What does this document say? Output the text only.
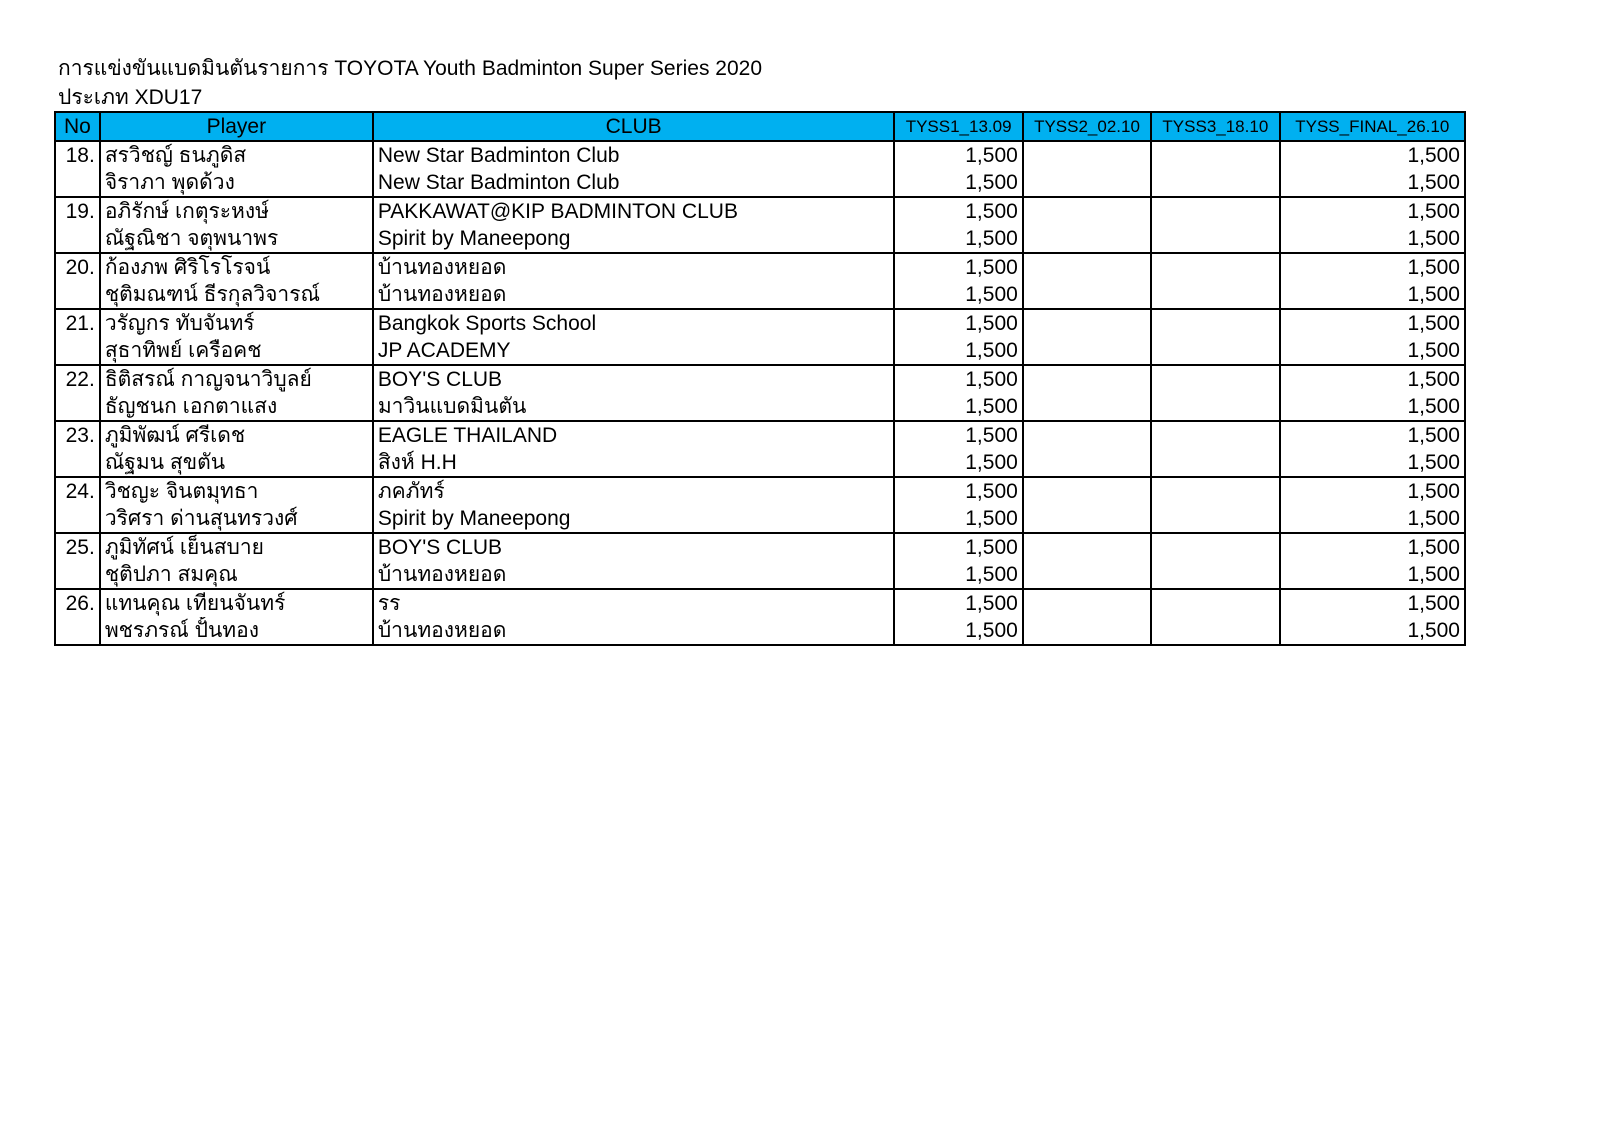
การแข่งขันแบดมินตันรายการ TOYOTA Youth Badminton Super Series 2020
ประเภท XDU17
No	Player	CLUB	TYSS1_13.09	TYSS2_02.10	TYSS3_18.10	TYSS_FINAL_26.10
18.	สรวิชญ์ ธนภูดิส	New Star Badminton Club	1,500			1,500
	จิราภา พุดด้วง	New Star Badminton Club	1,500			1,500
19.	อภิรักษ์ เกตุระหงษ์	PAKKAWAT@KIP BADMINTON CLUB	1,500			1,500
	ณัฐณิชา จตุพนาพร	Spirit by Maneepong	1,500			1,500
20.	ก้องภพ ศิริโรโรจน์	บ้านทองหยอด	1,500			1,500
	ชุติมณฑน์ ธีรกุลวิจารณ์	บ้านทองหยอด	1,500			1,500
21.	วรัญกร ทับจันทร์	Bangkok Sports School	1,500			1,500
	สุธาทิพย์ เครือคช	JP ACADEMY	1,500			1,500
22.	ธิติสรณ์ กาญจนาวิบูลย์	BOY'S CLUB	1,500			1,500
	ธัญชนก เอกตาแสง	มาวินแบดมินตัน	1,500			1,500
23.	ภูมิพัฒน์ ศรีเดช	EAGLE THAILAND	1,500			1,500
	ณัฐมน สุขตัน	สิงห์ H.H	1,500			1,500
24.	วิชญะ จินตมุทธา	ภคภัทร์	1,500			1,500
	วริศรา ด่านสุนทรวงศ์	Spirit by Maneepong	1,500			1,500
25.	ภูมิทัศน์ เย็นสบาย	BOY'S CLUB	1,500			1,500
	ชุติปภา สมคุณ	บ้านทองหยอด	1,500			1,500
26.	แทนคุณ เทียนจันทร์	รร	1,500			1,500
	พชรภรณ์ ปั้นทอง	บ้านทองหยอด	1,500			1,500
